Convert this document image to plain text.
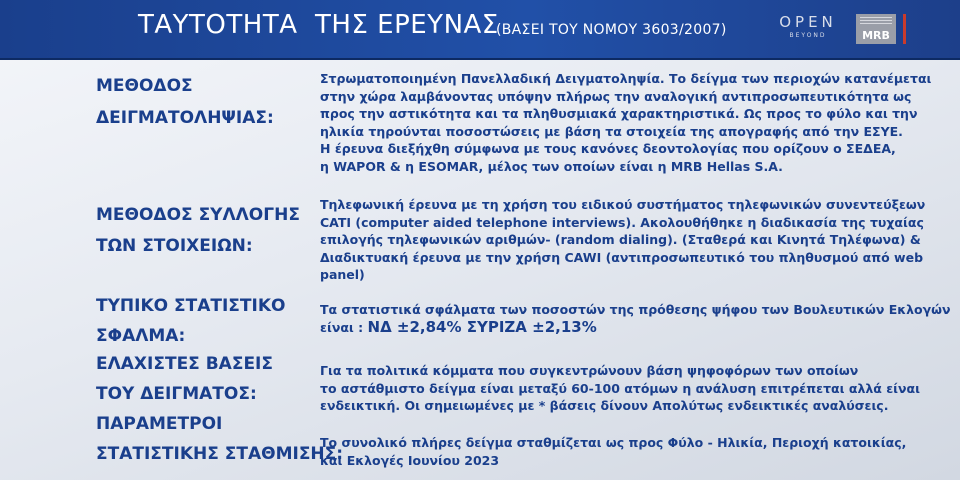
ΤΑΥΤΟΤΗΤΑ  ΤΗΣ ΕΡΕΥΝΑΣ
(ΒΑΣΕΙ ΤΟΥ ΝΟΜΟΥ 3603/2007)	OPEN
BEYOND	MRB
ΜΕΘΟΔΟΣ
ΔΕΙΓΜΑΤΟΛΗΨΙΑΣ:
ΜΕΘΟΔΟΣ ΣΥΛΛΟΓΗΣ
ΤΩΝ ΣΤΟΙΧΕΙΩΝ:
ΤΥΠΙΚΟ ΣΤΑΤΙΣΤΙΚΟ
ΣΦΑΛΜΑ:
ΕΛΑΧΙΣΤΕΣ ΒΑΣΕΙΣ
ΤΟΥ ΔΕΙΓΜΑΤΟΣ:
ΠΑΡΑΜΕΤΡΟΙ
ΣΤΑΤΙΣΤΙΚΗΣ ΣΤΑΘΜΙΣΗΣ:
Στρωματοποιημένη Πανελλαδική Δειγματοληψία. Το δείγμα των περιοχών κατανέμεται
στην χώρα λαμβάνοντας υπόψην πλήρως την αναλογική αντιπροσωπευτικότητα ως
προς την αστικότητα και τα πληθυσμιακά χαρακτηριστικά. Ως προς το φύλο και την
ηλικία τηρούνται ποσοστώσεις με βάση τα στοιχεία της απογραφής από την ΕΣΥΕ.
Η έρευνα διεξήχθη σύμφωνα με τους κανόνες δεοντολογίας που ορίζουν ο ΣΕΔΕΑ,
η WAPOR & η ESOMAR, μέλος των οποίων είναι η MRB Hellas S.A.
Τηλεφωνική έρευνα με τη χρήση του ειδικού συστήματος τηλεφωνικών συνεντεύξεων
CATI (computer aided telephone interviews). Ακολουθήθηκε η διαδικασία της τυχαίας
επιλογής τηλεφωνικών αριθμών- (random dialing). (Σταθερά και Κινητά Τηλέφωνα) &
Διαδικτυακή έρευνα με την χρήση CAWI (αντιπροσωπευτικό του πληθυσμού από web
panel)
Τα στατιστικά σφάλματα των ποσοστών της πρόθεσης ψήφου των Βουλευτικών Εκλογών
είναι : ΝΔ ±2,84% ΣΥΡΙΖΑ ±2,13%
Για τα πολιτικά κόμματα που συγκεντρώνουν βάση ψηφοφόρων των οποίων
το αστάθμιστο δείγμα είναι μεταξύ 60-100 ατόμων η ανάλυση επιτρέπεται αλλά είναι
ενδεικτική. Οι σημειωμένες με * βάσεις δίνουν Απολύτως ενδεικτικές αναλύσεις.
Το συνολικό πλήρες δείγμα σταθμίζεται ως προς Φύλο - Ηλικία, Περιοχή κατοικίας,
και Εκλογές Ιουνίου 2023
